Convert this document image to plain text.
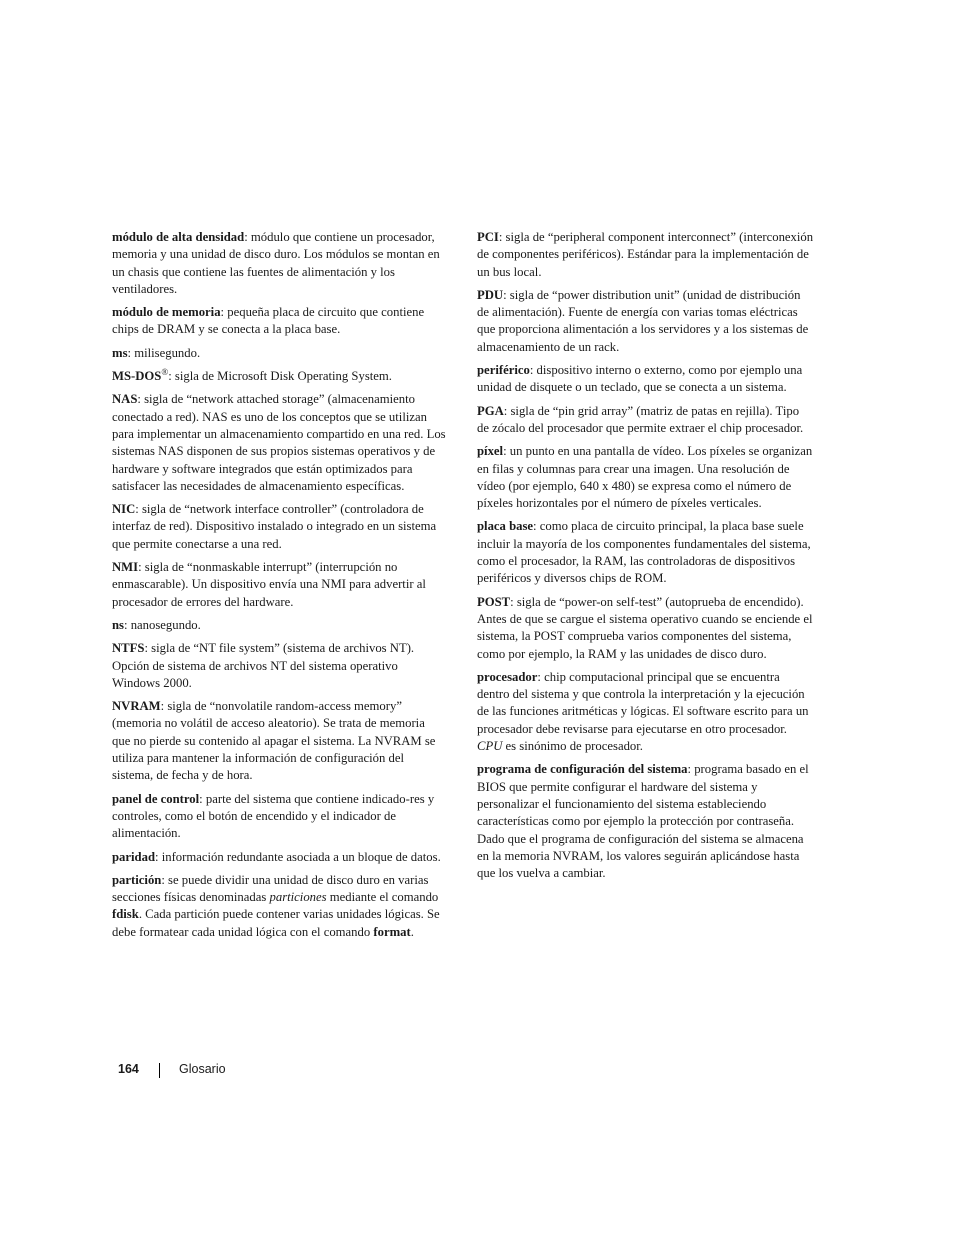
módulo de alta densidad: módulo que contiene un procesador, memoria y una unidad de disco duro. Los módulos se montan en un chasis que contiene las fuentes de alimentación y los ventiladores.

módulo de memoria: pequeña placa de circuito que contiene chips de DRAM y se conecta a la placa base.

ms: milisegundo.

MS-DOS®: sigla de Microsoft Disk Operating System.

NAS: sigla de “network attached storage” (almacenamiento conectado a red). NAS es uno de los conceptos que se utilizan para implementar un almacenamiento compartido en una red. Los sistemas NAS disponen de sus propios sistemas operativos y de hardware y software integrados que están optimizados para satisfacer las necesidades de almacenamiento específicas.

NIC: sigla de “network interface controller” (controladora de interfaz de red). Dispositivo instalado o integrado en un sistema que permite conectarse a una red.

NMI: sigla de “nonmaskable interrupt” (interrupción no enmascarable). Un dispositivo envía una NMI para advertir al procesador de errores del hardware.

ns: nanosegundo.

NTFS: sigla de “NT file system” (sistema de archivos NT). Opción de sistema de archivos NT del sistema operativo Windows 2000.

NVRAM: sigla de “nonvolatile random-access memory” (memoria no volátil de acceso aleatorio). Se trata de memoria que no pierde su contenido al apagar el sistema. La NVRAM se utiliza para mantener la información de configuración del sistema, de fecha y de hora.

panel de control: parte del sistema que contiene indicado-res y controles, como el botón de encendido y el indicador de alimentación.

paridad: información redundante asociada a un bloque de datos.

partición: se puede dividir una unidad de disco duro en varias secciones físicas denominadas particiones mediante el comando fdisk. Cada partición puede contener varias unidades lógicas. Se debe formatear cada unidad lógica con el comando format.

PCI: sigla de “peripheral component interconnect” (interconexión de componentes periféricos). Estándar para la implementación de un bus local.

PDU: sigla de “power distribution unit” (unidad de distribución de alimentación). Fuente de energía con varias tomas eléctricas que proporciona alimentación a los servidores y a los sistemas de almacenamiento de un rack.

periférico: dispositivo interno o externo, como por ejemplo una unidad de disquete o un teclado, que se conecta a un sistema.

PGA: sigla de “pin grid array” (matriz de patas en rejilla). Tipo de zócalo del procesador que permite extraer el chip procesador.

píxel: un punto en una pantalla de vídeo. Los píxeles se organizan en filas y columnas para crear una imagen. Una resolución de vídeo (por ejemplo, 640 x 480) se expresa como el número de píxeles horizontales por el número de píxeles verticales.

placa base: como placa de circuito principal, la placa base suele incluir la mayoría de los componentes fundamentales del sistema, como el procesador, la RAM, las controladoras de dispositivos periféricos y diversos chips de ROM.

POST: sigla de “power-on self-test” (autoprueba de encendido). Antes de que se cargue el sistema operativo cuando se enciende el sistema, la POST comprueba varios componentes del sistema, como por ejemplo, la RAM y las unidades de disco duro.

procesador: chip computacional principal que se encuentra dentro del sistema y que controla la interpretación y la ejecución de las funciones aritméticas y lógicas. El software escrito para un procesador debe revisarse para ejecutarse en otro procesador. CPU es sinónimo de procesador.

programa de configuración del sistema: programa basado en el BIOS que permite configurar el hardware del sistema y personalizar el funcionamiento del sistema estableciendo características como por ejemplo la protección por contraseña. Dado que el programa de configuración del sistema se almacena en la memoria NVRAM, los valores seguirán aplicándose hasta que los vuelva a cambiar.

164	Glosario
